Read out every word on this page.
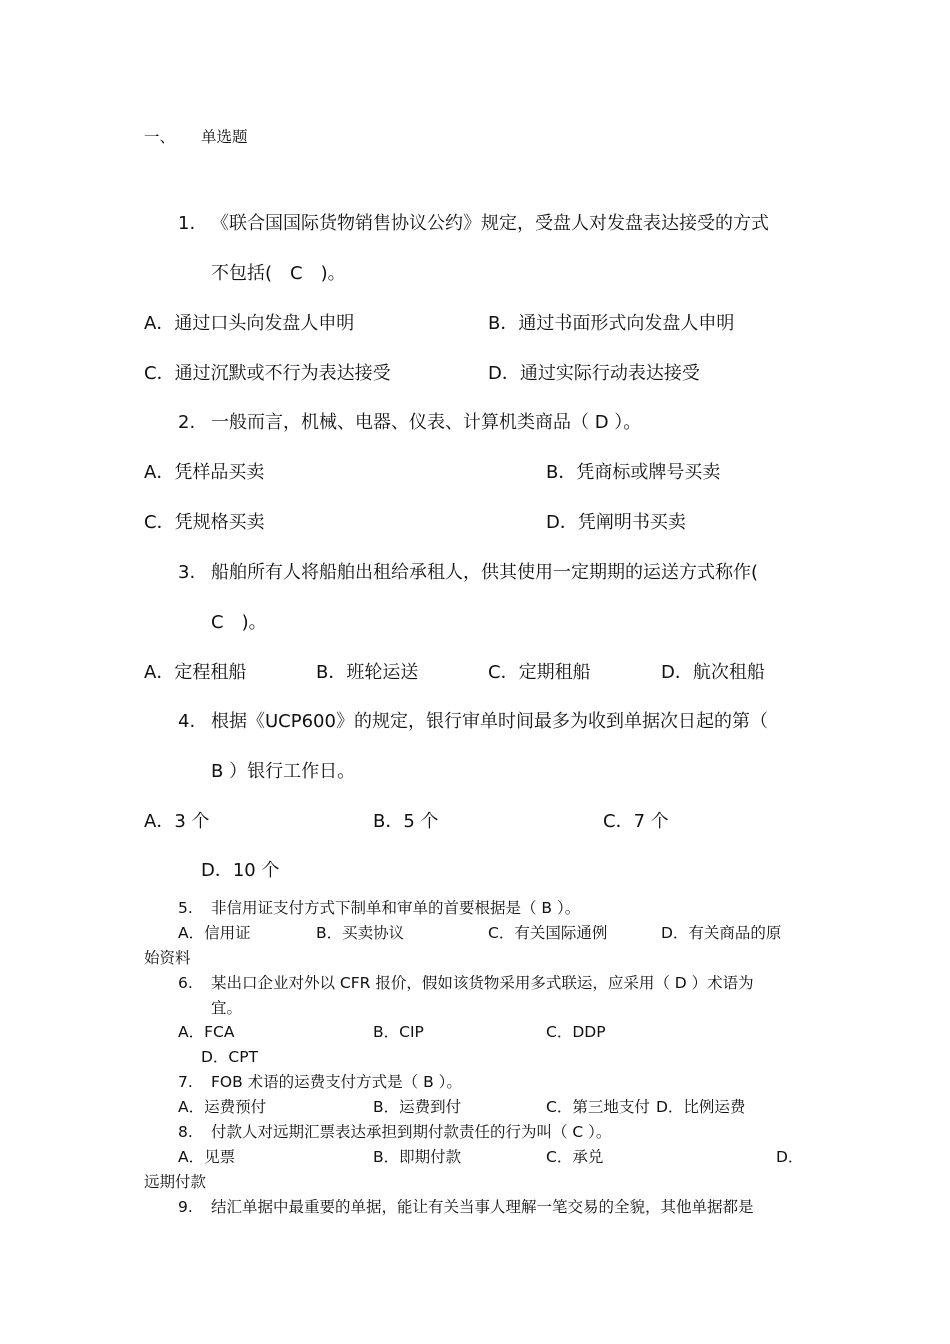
一、 单选题
1. 《联合国国际货物销售协议公约》规定，受盘人对发盘表达接受的方式
不包括(　C　)。
A．通过口头向发盘人申明	B．通过书面形式向发盘人申明
C．通过沉默或不行为表达接受	D．通过实际行动表达接受
2. 一般而言，机械、电器、仪表、计算机类商品（ D ）。
A．凭样品买卖	B．凭商标或牌号买卖
C．凭规格买卖	D．凭阐明书买卖
3. 船舶所有人将船舶出租给承租人，供其使用一定期期的运送方式称作(
C　)。
A．定程租船	B．班轮运送	C．定期租船	D．航次租船
4. 根据《UCP600》的规定，银行审单时间最多为收到单据次日起的第（
B ）银行工作日。
A．3 个	B．5 个	C．7 个
D．10 个
5. 非信用证支付方式下制单和审单的首要根据是（ B ）。
A．信用证	B．买卖协议	C．有关国际通例	D．有关商品的原
始资料
6. 某出口企业对外以 CFR 报价，假如该货物采用多式联运，应采用（ D ）术语为
宜。
A．FCA	B．CIP	C．DDP
D．CPT
7. FOB 术语的运费支付方式是（ B ）。
A．运费预付	B．运费到付	C．第三地支付 D．比例运费
8. 付款人对远期汇票表达承担到期付款责任的行为叫（ C ）。
A．见票	B．即期付款	C．承兑	D．
远期付款
9. 结汇单据中最重要的单据，能让有关当事人理解一笔交易的全貌，其他单据都是
